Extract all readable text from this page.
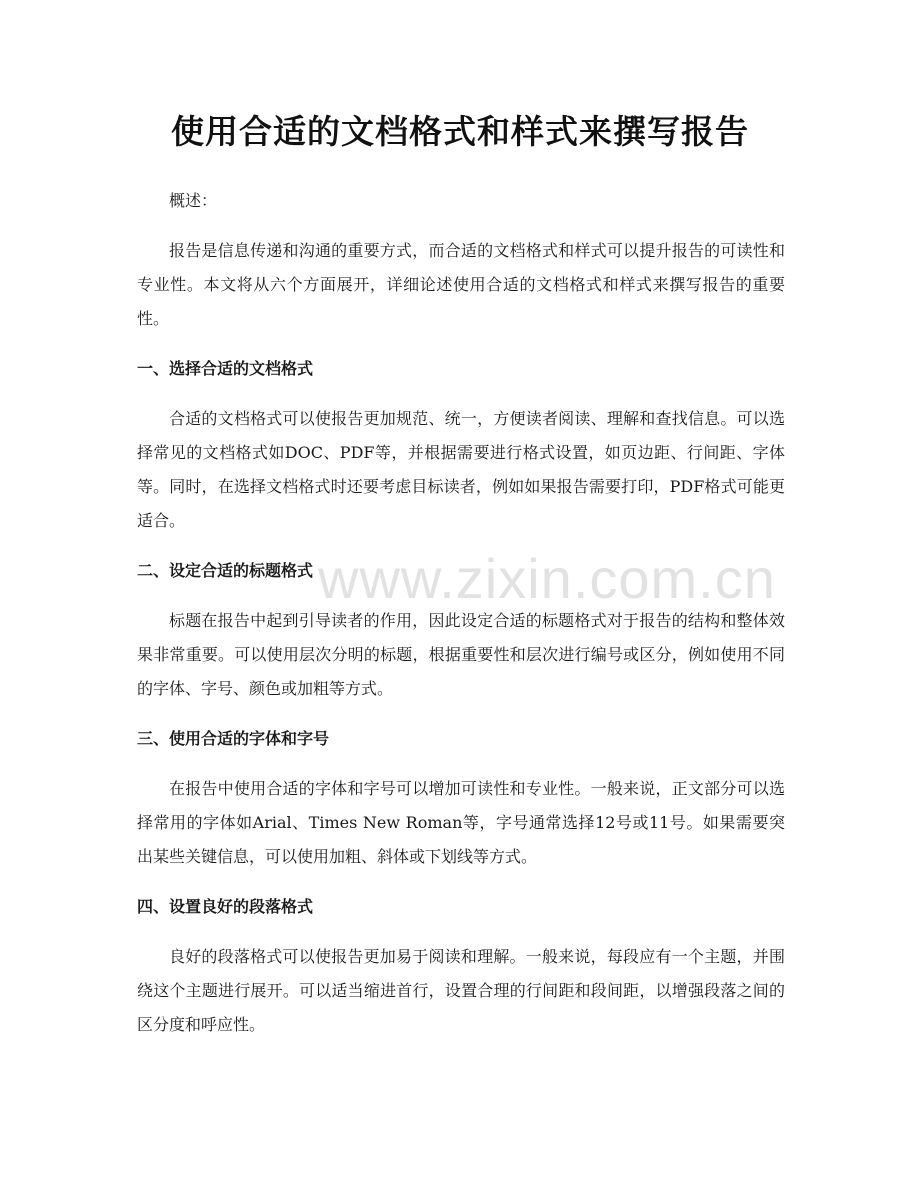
使用合适的文档格式和样式来撰写报告

概述：

报告是信息传递和沟通的重要方式，而合适的文档格式和样式可以提升报告的可读性和专业性。本文将从六个方面展开，详细论述使用合适的文档格式和样式来撰写报告的重要性。

一、选择合适的文档格式

合适的文档格式可以使报告更加规范、统一，方便读者阅读、理解和查找信息。可以选择常见的文档格式如DOC、PDF等，并根据需要进行格式设置，如页边距、行间距、字体等。同时，在选择文档格式时还要考虑目标读者，例如如果报告需要打印，PDF格式可能更适合。

二、设定合适的标题格式

标题在报告中起到引导读者的作用，因此设定合适的标题格式对于报告的结构和整体效果非常重要。可以使用层次分明的标题，根据重要性和层次进行编号或区分，例如使用不同的字体、字号、颜色或加粗等方式。

三、使用合适的字体和字号

在报告中使用合适的字体和字号可以增加可读性和专业性。一般来说，正文部分可以选择常用的字体如Arial、Times New Roman等，字号通常选择12号或11号。如果需要突出某些关键信息，可以使用加粗、斜体或下划线等方式。

四、设置良好的段落格式

良好的段落格式可以使报告更加易于阅读和理解。一般来说，每段应有一个主题，并围绕这个主题进行展开。可以适当缩进首行，设置合理的行间距和段间距，以增强段落之间的区分度和呼应性。

www.zixin.com.cn
